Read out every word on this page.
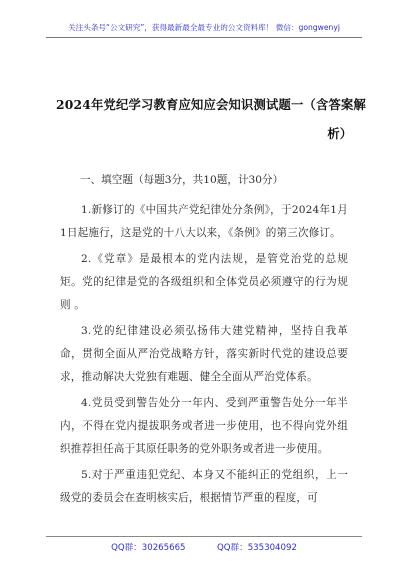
关注头条号“公文研究”，获得最新最全最专业的公文资料库！ 微信：gongwenyj
2024年党纪学习教育应知应会知识测试题一（含答案解
析）

一、填空题（每题3分，共10题，计30分）

1.新修订的《中国共产党纪律处分条例》，于2024年1月1日起施行，这是党的十八大以来，《条例》的第三次修订。

2.《党章》是最根本的党内法规，是管党治党的总规矩。党的纪律是党的各级组织和全体党员必须遵守的行为规则 。

3.党的纪律建设必须弘扬伟大建党精神，坚持自我革命，贯彻全面从严治党战略方针，落实新时代党的建设总要求，推动解决大党独有难题、健全全面从严治党体系。

4.党员受到警告处分一年内、受到严重警告处分一年半内，不得在党内提拔职务或者进一步使用，也不得向党外组织推荐担任高于其原任职务的党外职务或者进一步使用。

5.对于严重违犯党纪、本身又不能纠正的党组织，上一级党的委员会在查明核实后，根据情节严重的程度，可

QQ群：30265665	QQ群：535304092
